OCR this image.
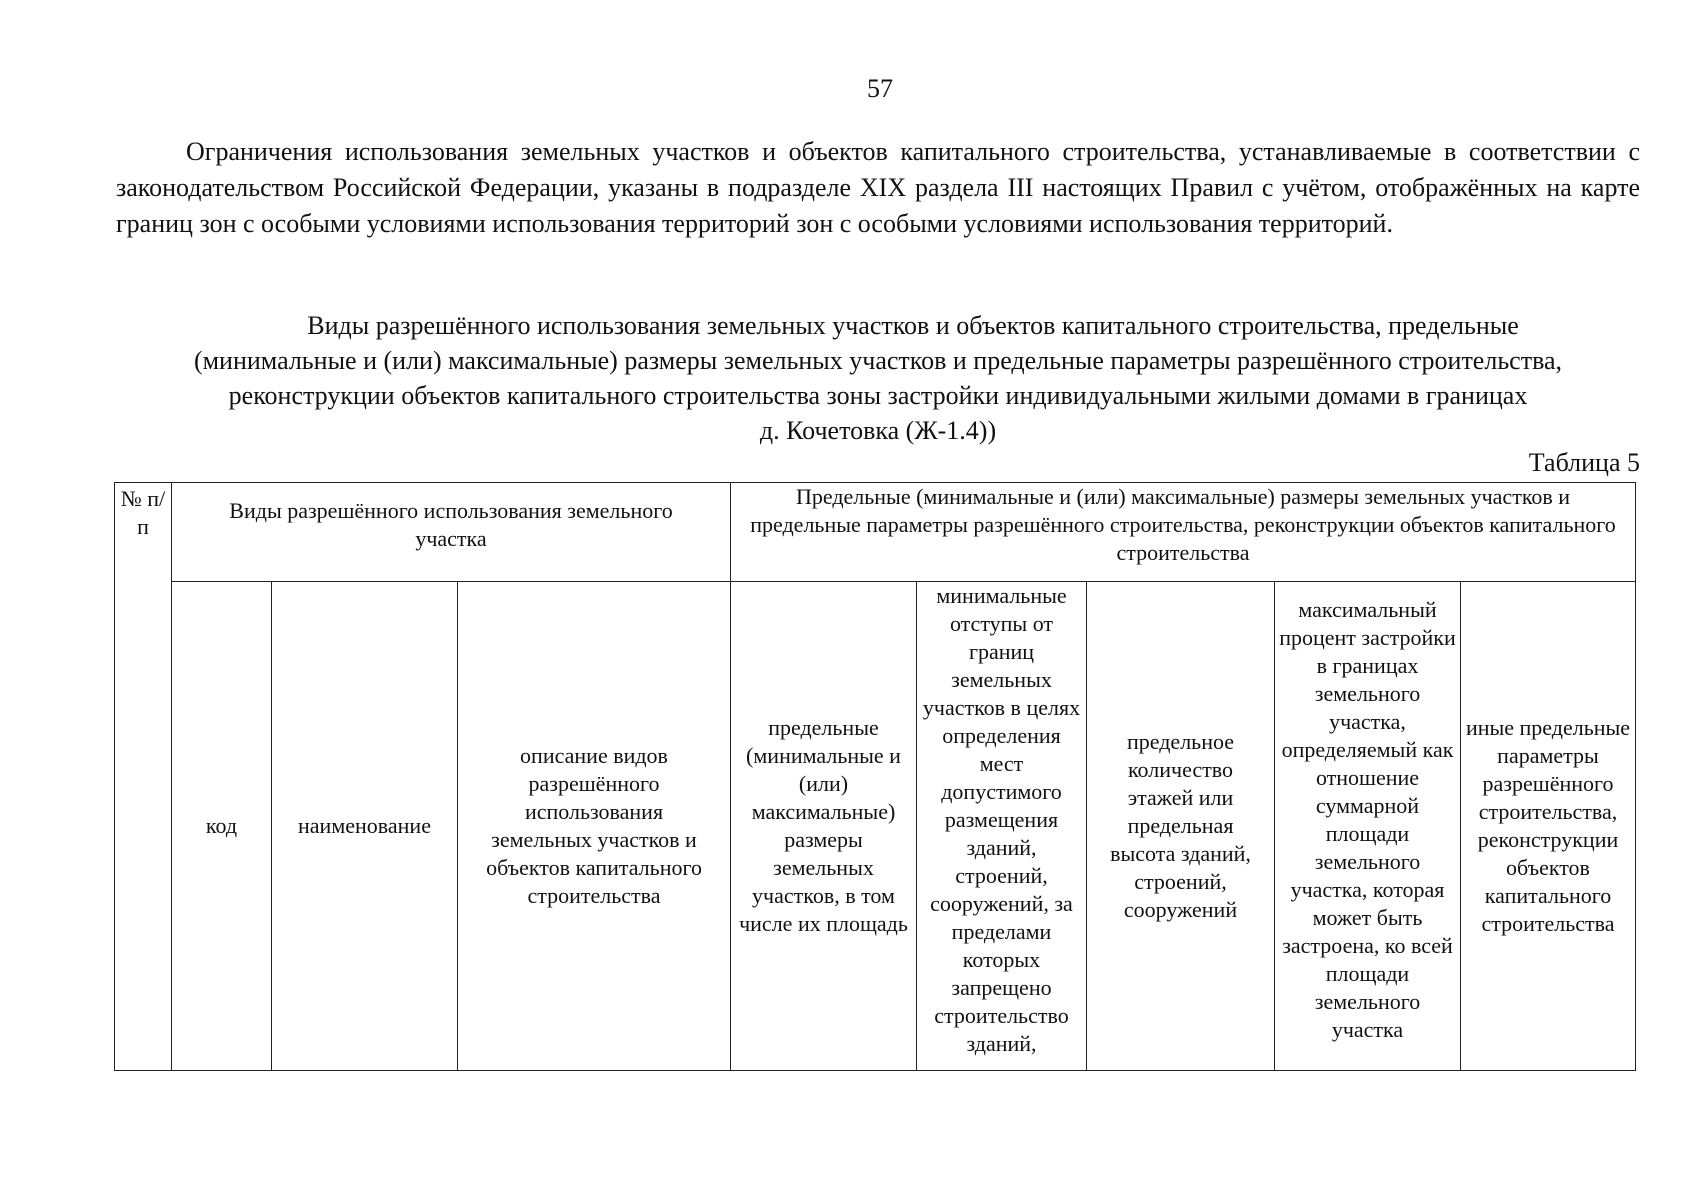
57

Ограничения использования земельных участков и объектов капитального строительства, устанавливаемые в соответствии с законодательством Российской Федерации, указаны в подразделе XIX раздела III настоящих Правил с учётом, отображённых на карте границ зон с особыми условиями использования территорий зон с особыми условиями использования территорий.

Виды разрешённого использования земельных участков и объектов капитального строительства, предельные
(минимальные и (или) максимальные) размеры земельных участков и предельные параметры разрешённого строительства,
реконструкции объектов капитального строительства зоны застройки индивидуальными жилыми домами в границах
д. Кочетовка (Ж-1.4))
Таблица 5
№ п/п	Виды разрешённого использования земельного участка			Предельные (минимальные и (или) максимальные) размеры земельных участков и предельные параметры разрешённого строительства, реконструкции объектов капитального строительства				
	код	наименование	описание видов разрешённого использования земельных участков и объектов капитального строительства	предельные (минимальные и (или) максимальные) размеры земельных участков, в том числе их площадь	минимальные отступы от границ земельных участков в целях определения мест допустимого размещения зданий, строений, сооружений, за пределами которых запрещено строительство зданий,	предельное количество этажей или предельная высота зданий, строений, сооружений	максимальный процент застройки в границах земельного участка, определяемый как отношение суммарной площади земельного участка, которая может быть застроена, ко всей площади земельного участка	иные предельные параметры разрешённого строительства, реконструкции объектов капитального строительства
